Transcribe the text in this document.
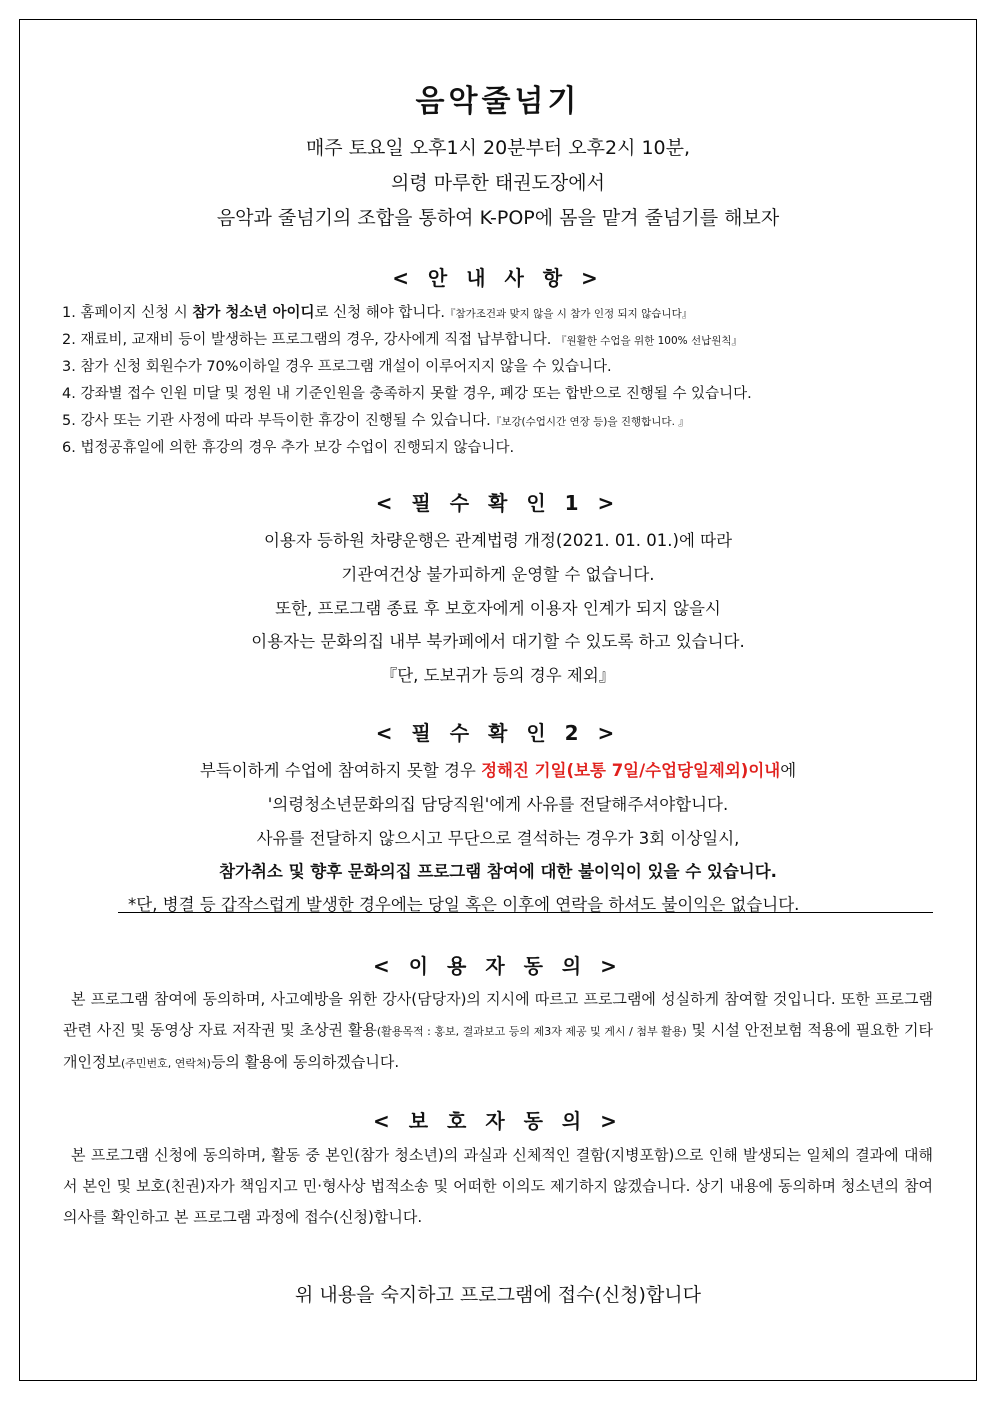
음악줄넘기
매주 토요일 오후1시 20분부터 오후2시 10분,
의령 마루한 태권도장에서
음악과 줄넘기의 조합을 통하여 K-POP에 몸을 맡겨 줄넘기를 해보자
< 안 내 사 항 >
1. 홈페이지 신청 시 참가 청소년 아이디로 신청 해야 합니다.『참가조건과 맞지 않을 시 참가 인정 되지 않습니다』
2. 재료비, 교재비 등이 발생하는 프로그램의 경우, 강사에게 직접 납부합니다. 『원활한 수업을 위한 100% 선납원칙』
3. 참가 신청 회원수가 70%이하일 경우 프로그램 개설이 이루어지지 않을 수 있습니다.
4. 강좌별 접수 인원 미달 및 정원 내 기준인원을 충족하지 못할 경우, 폐강 또는 합반으로 진행될 수 있습니다.
5. 강사 또는 기관 사정에 따라 부득이한 휴강이 진행될 수 있습니다.『보강(수업시간 연장 등)을 진행합니다. 』
6. 법정공휴일에 의한 휴강의 경우 추가 보강 수업이 진행되지 않습니다.
< 필 수 확 인 1 >
이용자 등하원 차량운행은 관계법령 개정(2021. 01. 01.)에 따라
기관여건상 불가피하게 운영할 수 없습니다.
또한, 프로그램 종료 후 보호자에게 이용자 인계가 되지 않을시
이용자는 문화의집 내부 북카페에서 대기할 수 있도록 하고 있습니다.
『단, 도보귀가 등의 경우 제외』
< 필 수 확 인 2 >
부득이하게 수업에 참여하지 못할 경우 정해진 기일(보통 7일/수업당일제외)이내에
'의령청소년문화의집 담당직원'에게 사유를 전달해주셔야합니다.
사유를 전달하지 않으시고 무단으로 결석하는 경우가 3회 이상일시,
참가취소 및 향후 문화의집 프로그램 참여에 대한 불이익이 있을 수 있습니다.
*단, 병결 등 갑작스럽게 발생한 경우에는 당일 혹은 이후에 연락을 하셔도 불이익은 없습니다.
< 이 용 자 동 의 >
본 프로그램 참여에 동의하며, 사고예방을 위한 강사(담당자)의 지시에 따르고 프로그램에 성실하게 참여할 것입니다. 또한 프로그램 관련 사진 및 동영상 자료 저작권 및 초상권 활용(활용목적 : 홍보, 결과보고 등의 제3자 제공 및 게시 / 첨부 활용) 및 시설 안전보험 적용에 필요한 기타 개인정보(주민번호, 연락처)등의 활용에 동의하겠습니다.
< 보 호 자 동 의 >
본 프로그램 신청에 동의하며, 활동 중 본인(참가 청소년)의 과실과 신체적인 결함(지병포함)으로 인해 발생되는 일체의 결과에 대해서 본인 및 보호(친권)자가 책임지고 민·형사상 법적소송 및 어떠한 이의도 제기하지 않겠습니다. 상기 내용에 동의하며 청소년의 참여의사를 확인하고 본 프로그램 과정에 접수(신청)합니다.
위 내용을 숙지하고 프로그램에 접수(신청)합니다
